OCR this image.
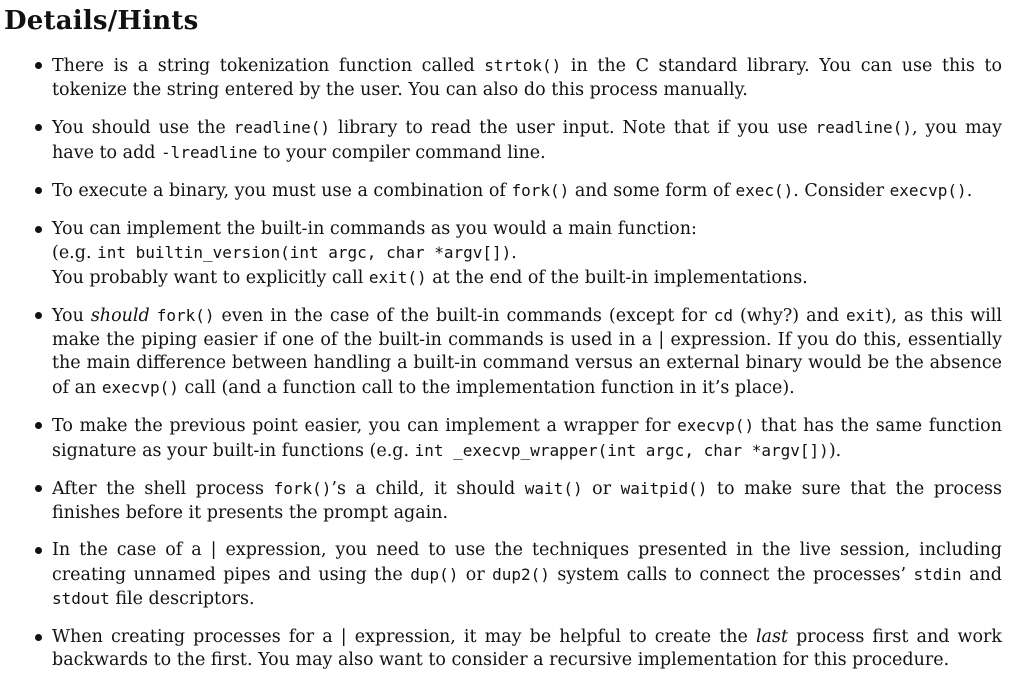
Details/Hints
There is a string tokenization function called strtok() in the C standard library. You can use this to tokenize the string entered by the user. You can also do this process manually.
You should use the readline() library to read the user input. Note that if you use readline(), you may have to add -lreadline to your compiler command line.
To execute a binary, you must use a combination of fork() and some form of exec(). Consider execvp().
You can implement the built-in commands as you would a main function:
(e.g. int builtin_version(int argc, char *argv[]).
You probably want to explicitly call exit() at the end of the built-in implementations.
You should fork() even in the case of the built-in commands (except for cd (why?) and exit), as this will make the piping easier if one of the built-in commands is used in a | expression. If you do this, essentially the main difference between handling a built-in command versus an external binary would be the absence of an execvp() call (and a function call to the implementation function in it’s place).
To make the previous point easier, you can implement a wrapper for execvp() that has the same function signature as your built-in functions (e.g. int _execvp_wrapper(int argc, char *argv[])).
After the shell process fork()’s a child, it should wait() or waitpid() to make sure that the process finishes before it presents the prompt again.
In the case of a | expression, you need to use the techniques presented in the live session, including creating unnamed pipes and using the dup() or dup2() system calls to connect the processes’ stdin and stdout file descriptors.
When creating processes for a | expression, it may be helpful to create the last process first and work backwards to the first. You may also want to consider a recursive implementation for this procedure.
